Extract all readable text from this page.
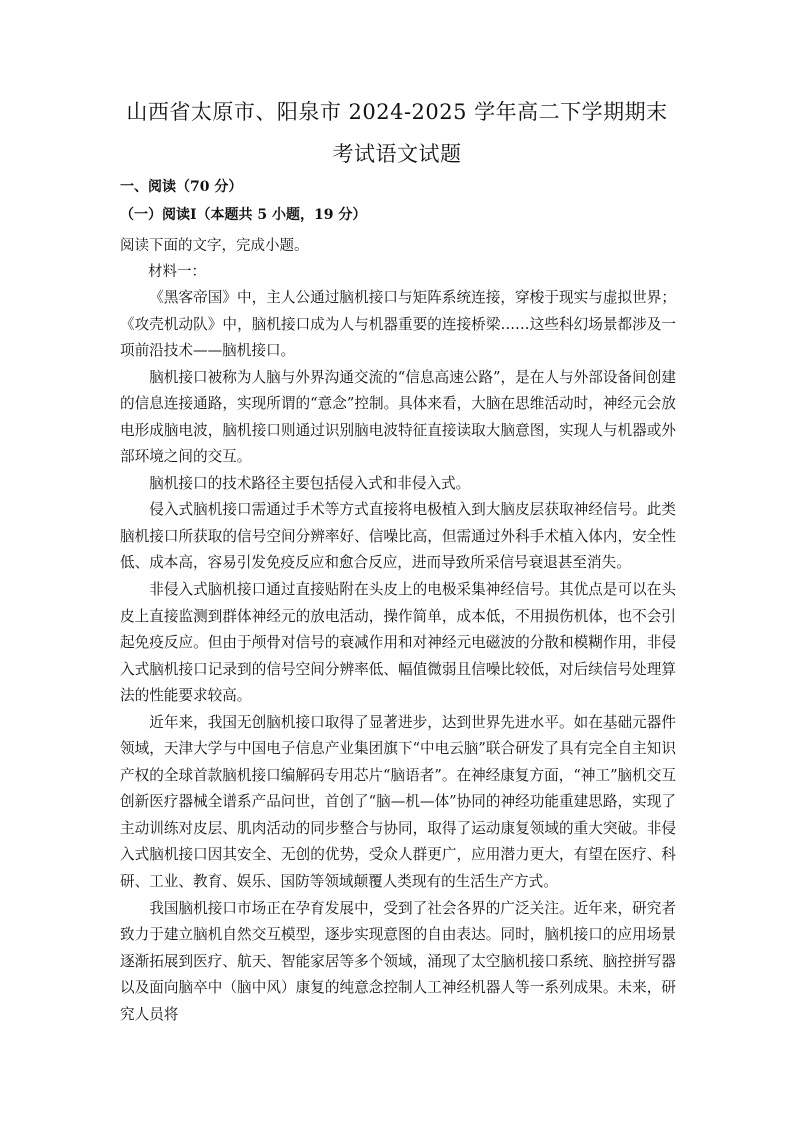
山西省太原市、阳泉市 2024-2025 学年高二下学期期末
考试语文试题
一、阅读（70 分）
（一）阅读Ⅰ（本题共 5 小题，19 分）
阅读下面的文字，完成小题。
材料一：

《黑客帝国》中，主人公通过脑机接口与矩阵系统连接，穿梭于现实与虚拟世界；《攻壳机动队》中，脑机接口成为人与机器重要的连接桥梁……这些科幻场景都涉及一项前沿技术——脑机接口。

脑机接口被称为人脑与外界沟通交流的“信息高速公路”，是在人与外部设备间创建的信息连接通路，实现所谓的“意念”控制。具体来看，大脑在思维活动时，神经元会放电形成脑电波，脑机接口则通过识别脑电波特征直接读取大脑意图，实现人与机器或外部环境之间的交互。

脑机接口的技术路径主要包括侵入式和非侵入式。

侵入式脑机接口需通过手术等方式直接将电极植入到大脑皮层获取神经信号。此类脑机接口所获取的信号空间分辨率好、信噪比高，但需通过外科手术植入体内，安全性低、成本高，容易引发免疫反应和愈合反应，进而导致所采信号衰退甚至消失。

非侵入式脑机接口通过直接贴附在头皮上的电极采集神经信号。其优点是可以在头皮上直接监测到群体神经元的放电活动，操作简单，成本低，不用损伤机体，也不会引起免疫反应。但由于颅骨对信号的衰减作用和对神经元电磁波的分散和模糊作用，非侵入式脑机接口记录到的信号空间分辨率低、幅值微弱且信噪比较低，对后续信号处理算法的性能要求较高。

近年来，我国无创脑机接口取得了显著进步，达到世界先进水平。如在基础元器件领域，天津大学与中国电子信息产业集团旗下“中电云脑”联合研发了具有完全自主知识产权的全球首款脑机接口编解码专用芯片“脑语者”。在神经康复方面，“神工”脑机交互创新医疗器械全谱系产品问世，首创了“脑—机—体”协同的神经功能重建思路，实现了主动训练对皮层、肌肉活动的同步整合与协同，取得了运动康复领域的重大突破。非侵入式脑机接口因其安全、无创的优势，受众人群更广，应用潜力更大，有望在医疗、科研、工业、教育、娱乐、国防等领域颠覆人类现有的生活生产方式。

我国脑机接口市场正在孕育发展中，受到了社会各界的广泛关注。近年来，研究者致力于建立脑机自然交互模型，逐步实现意图的自由表达。同时，脑机接口的应用场景逐渐拓展到医疗、航天、智能家居等多个领域，涌现了太空脑机接口系统、脑控拼写器以及面向脑卒中（脑中风）康复的纯意念控制人工神经机器人等一系列成果。未来，研究人员将
